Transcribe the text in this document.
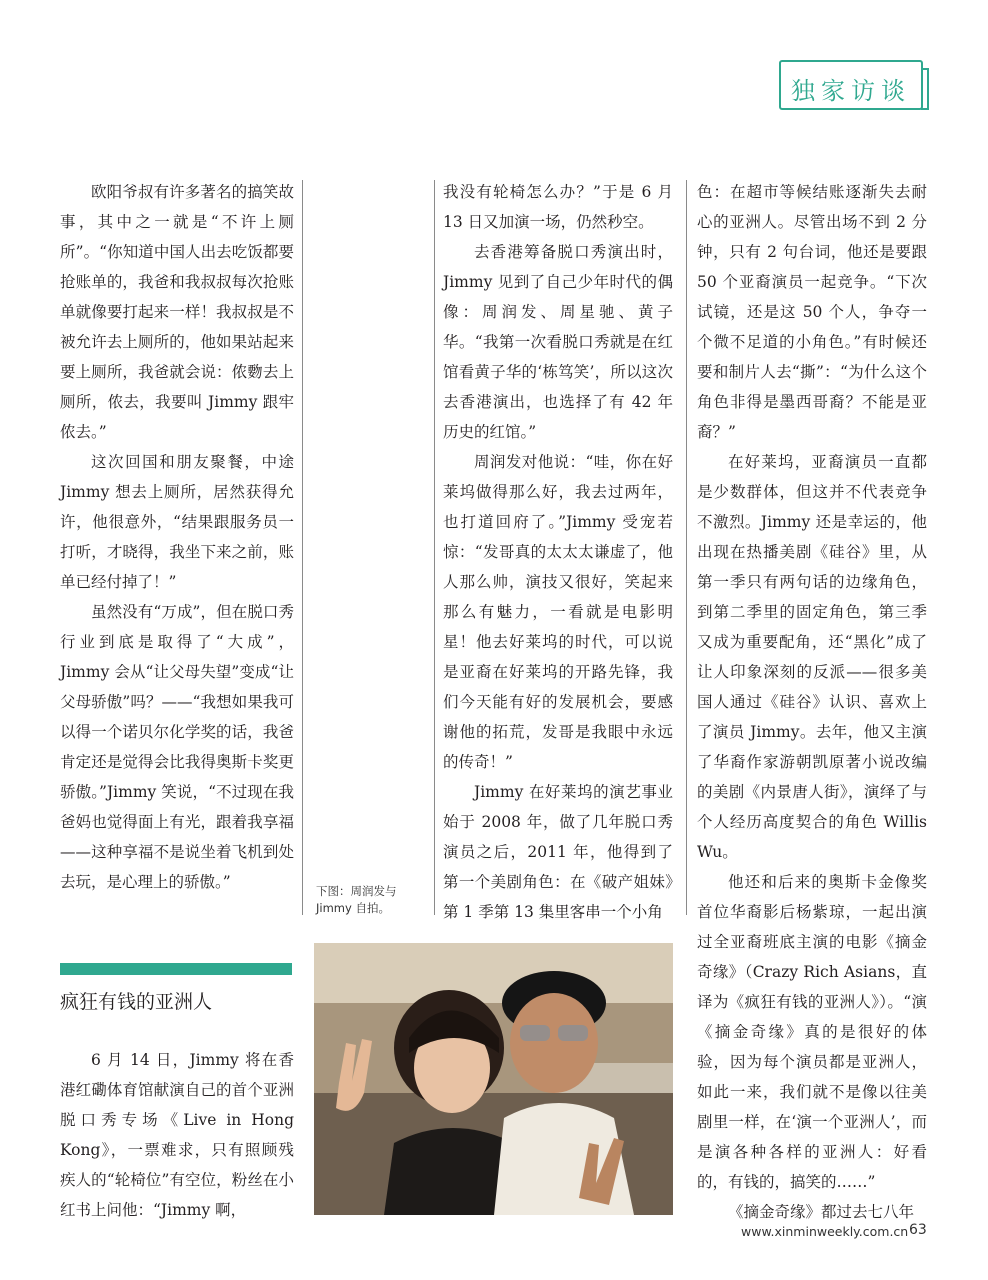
独家访谈

欧阳爷叔有许多著名的搞笑故事，其中之一就是“不许上厕所”。“你知道中国人出去吃饭都要抢账单的，我爸和我叔叔每次抢账单就像要打起来一样！我叔叔是不被允许去上厕所的，他如果站起来要上厕所，我爸就会说：侬覅去上厕所，侬去，我要叫 Jimmy 跟牢侬去。”

这次回国和朋友聚餐，中途 Jimmy 想去上厕所，居然获得允许，他很意外，“结果跟服务员一打听，才晓得，我坐下来之前，账单已经付掉了！”

虽然没有“万成”，但在脱口秀行业到底是取得了“大成”，Jimmy 会从“让父母失望”变成“让父母骄傲”吗？——“我想如果我可以得一个诺贝尔化学奖的话，我爸肯定还是觉得会比我得奥斯卡奖更骄傲。”Jimmy 笑说，“不过现在我爸妈也觉得面上有光，跟着我享福——这种享福不是说坐着飞机到处去玩，是心理上的骄傲。”	下图：周润发与 Jimmy 自拍。

我没有轮椅怎么办？”于是 6 月 13 日又加演一场，仍然秒空。

去香港筹备脱口秀演出时，Jimmy 见到了自己少年时代的偶像：周润发、周星驰、黄子华。“我第一次看脱口秀就是在红馆看黄子华的‘栋笃笑’，所以这次去香港演出，也选择了有 42 年历史的红馆。”

周润发对他说：“哇，你在好莱坞做得那么好，我去过两年，也打道回府了。”Jimmy 受宠若惊：“发哥真的太太太谦虚了，他人那么帅，演技又很好，笑起来那么有魅力，一看就是电影明星！他去好莱坞的时代，可以说是亚裔在好莱坞的开路先锋，我们今天能有好的发展机会，要感谢他的拓荒，发哥是我眼中永远的传奇！”

Jimmy 在好莱坞的演艺事业始于 2008 年，做了几年脱口秀演员之后，2011 年，他得到了第一个美剧角色：在《破产姐妹》第 1 季第 13 集里客串一个小角

色：在超市等候结账逐渐失去耐心的亚洲人。尽管出场不到 2 分钟，只有 2 句台词，他还是要跟 50 个亚裔演员一起竞争。“下次试镜，还是这 50 个人，争夺一个微不足道的小角色。”有时候还要和制片人去“撕”：“为什么这个角色非得是墨西哥裔？不能是亚裔？”

在好莱坞，亚裔演员一直都是少数群体，但这并不代表竞争不激烈。Jimmy 还是幸运的，他出现在热播美剧《硅谷》里，从第一季只有两句话的边缘角色，到第二季里的固定角色，第三季又成为重要配角，还“黑化”成了让人印象深刻的反派——很多美国人通过《硅谷》认识、喜欢上了演员 Jimmy。去年，他又主演了华裔作家游朝凯原著小说改编的美剧《内景唐人街》，演绎了与个人经历高度契合的角色 Willis Wu。

他还和后来的奥斯卡金像奖首位华裔影后杨紫琼，一起出演过全亚裔班底主演的电影《摘金奇缘》（Crazy Rich Asians，直译为《疯狂有钱的亚洲人》）。“演《摘金奇缘》真的是很好的体验，因为每个演员都是亚洲人，如此一来，我们就不是像以往美剧里一样，在‘演一个亚洲人’，而是演各种各样的亚洲人：好看的，有钱的，搞笑的……”

《摘金奇缘》都过去七八年

疯狂有钱的亚洲人

6 月 14 日，Jimmy 将在香港红磡体育馆献演自己的首个亚洲脱口秀专场《Live in Hong Kong》，一票难求，只有照顾残疾人的“轮椅位”有空位，粉丝在小红书上问他：“Jimmy 啊，

www.xinminweekly.com.cn 63
